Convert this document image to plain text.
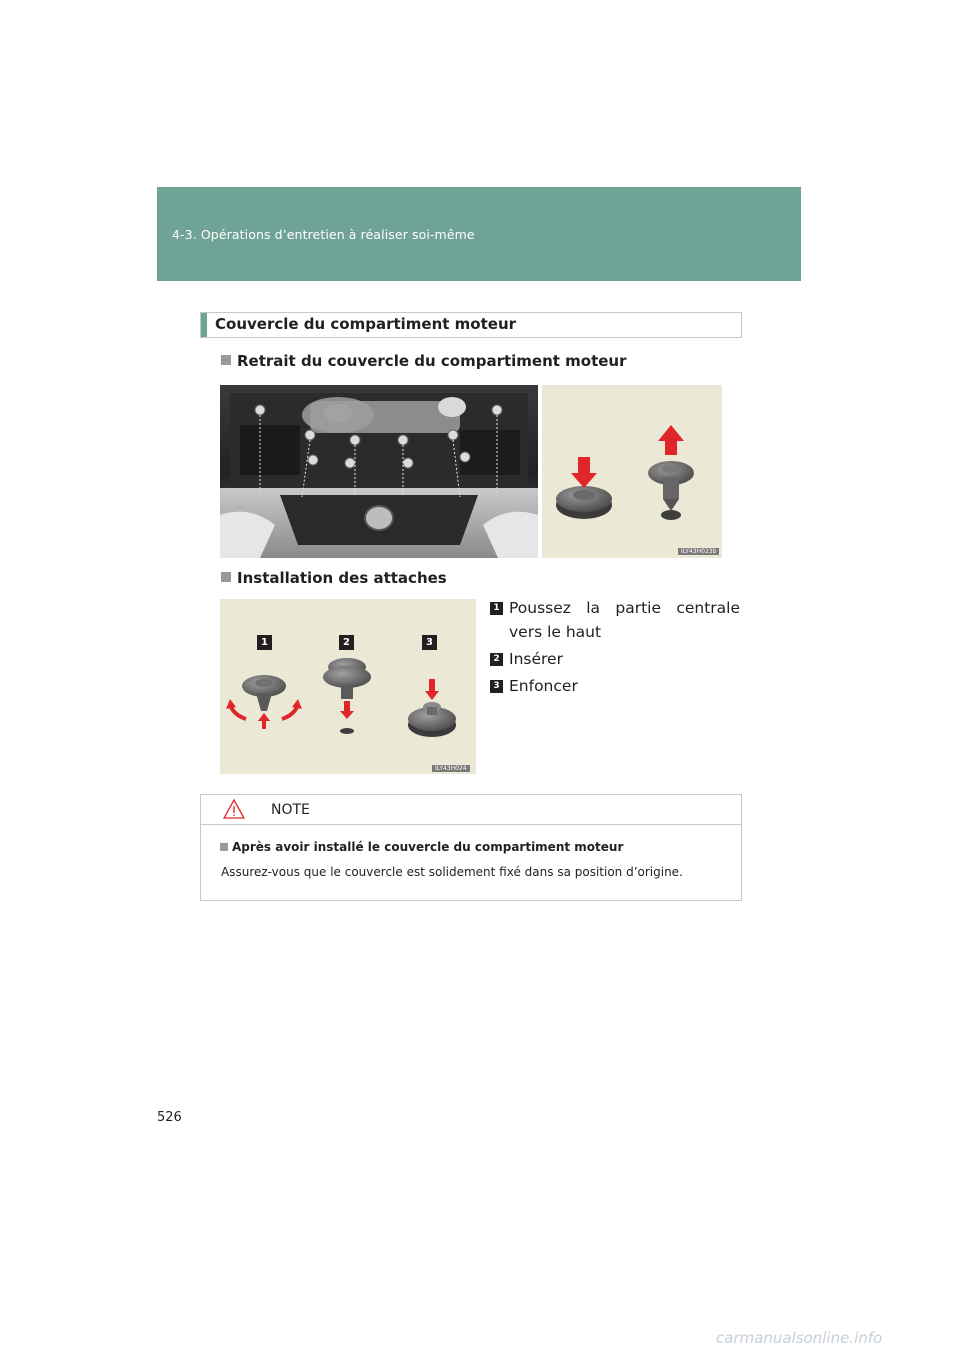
4-3. Opérations d’entretien à réaliser soi-même
Couvercle du compartiment moteur
Retrait du couvercle du compartiment moteur
ILY43H023b
Installation des attaches
1	2	3
ILY43H024
1 Poussez la partie centrale vers le haut
2 Insérer
3 Enfoncer
NOTE
Après avoir installé le couvercle du compartiment moteur
Assurez-vous que le couvercle est solidement fixé dans sa position d’origine.
526
carmanualsonline.info
